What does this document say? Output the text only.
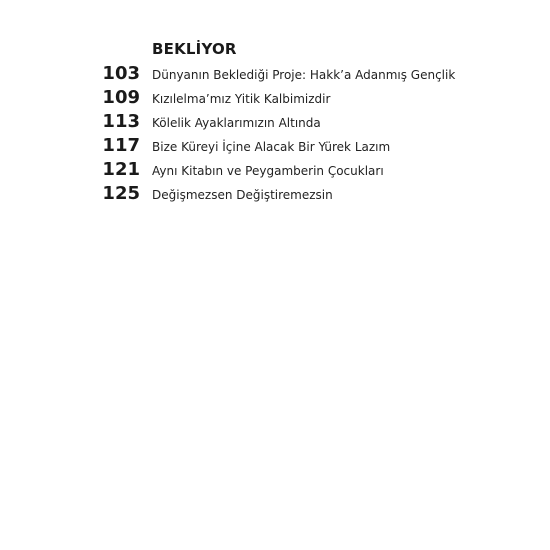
BEKLİYOR
103 Dünyanın Beklediği Proje: Hakk’a Adanmış Gençlik
109 Kızılelma’mız Yitik Kalbimizdir
113 Kölelik Ayaklarımızın Altında
117 Bize Küreyi İçine Alacak Bir Yürek Lazım
121 Aynı Kitabın ve Peygamberin Çocukları
125 Değişmezsen Değiştiremezsin
